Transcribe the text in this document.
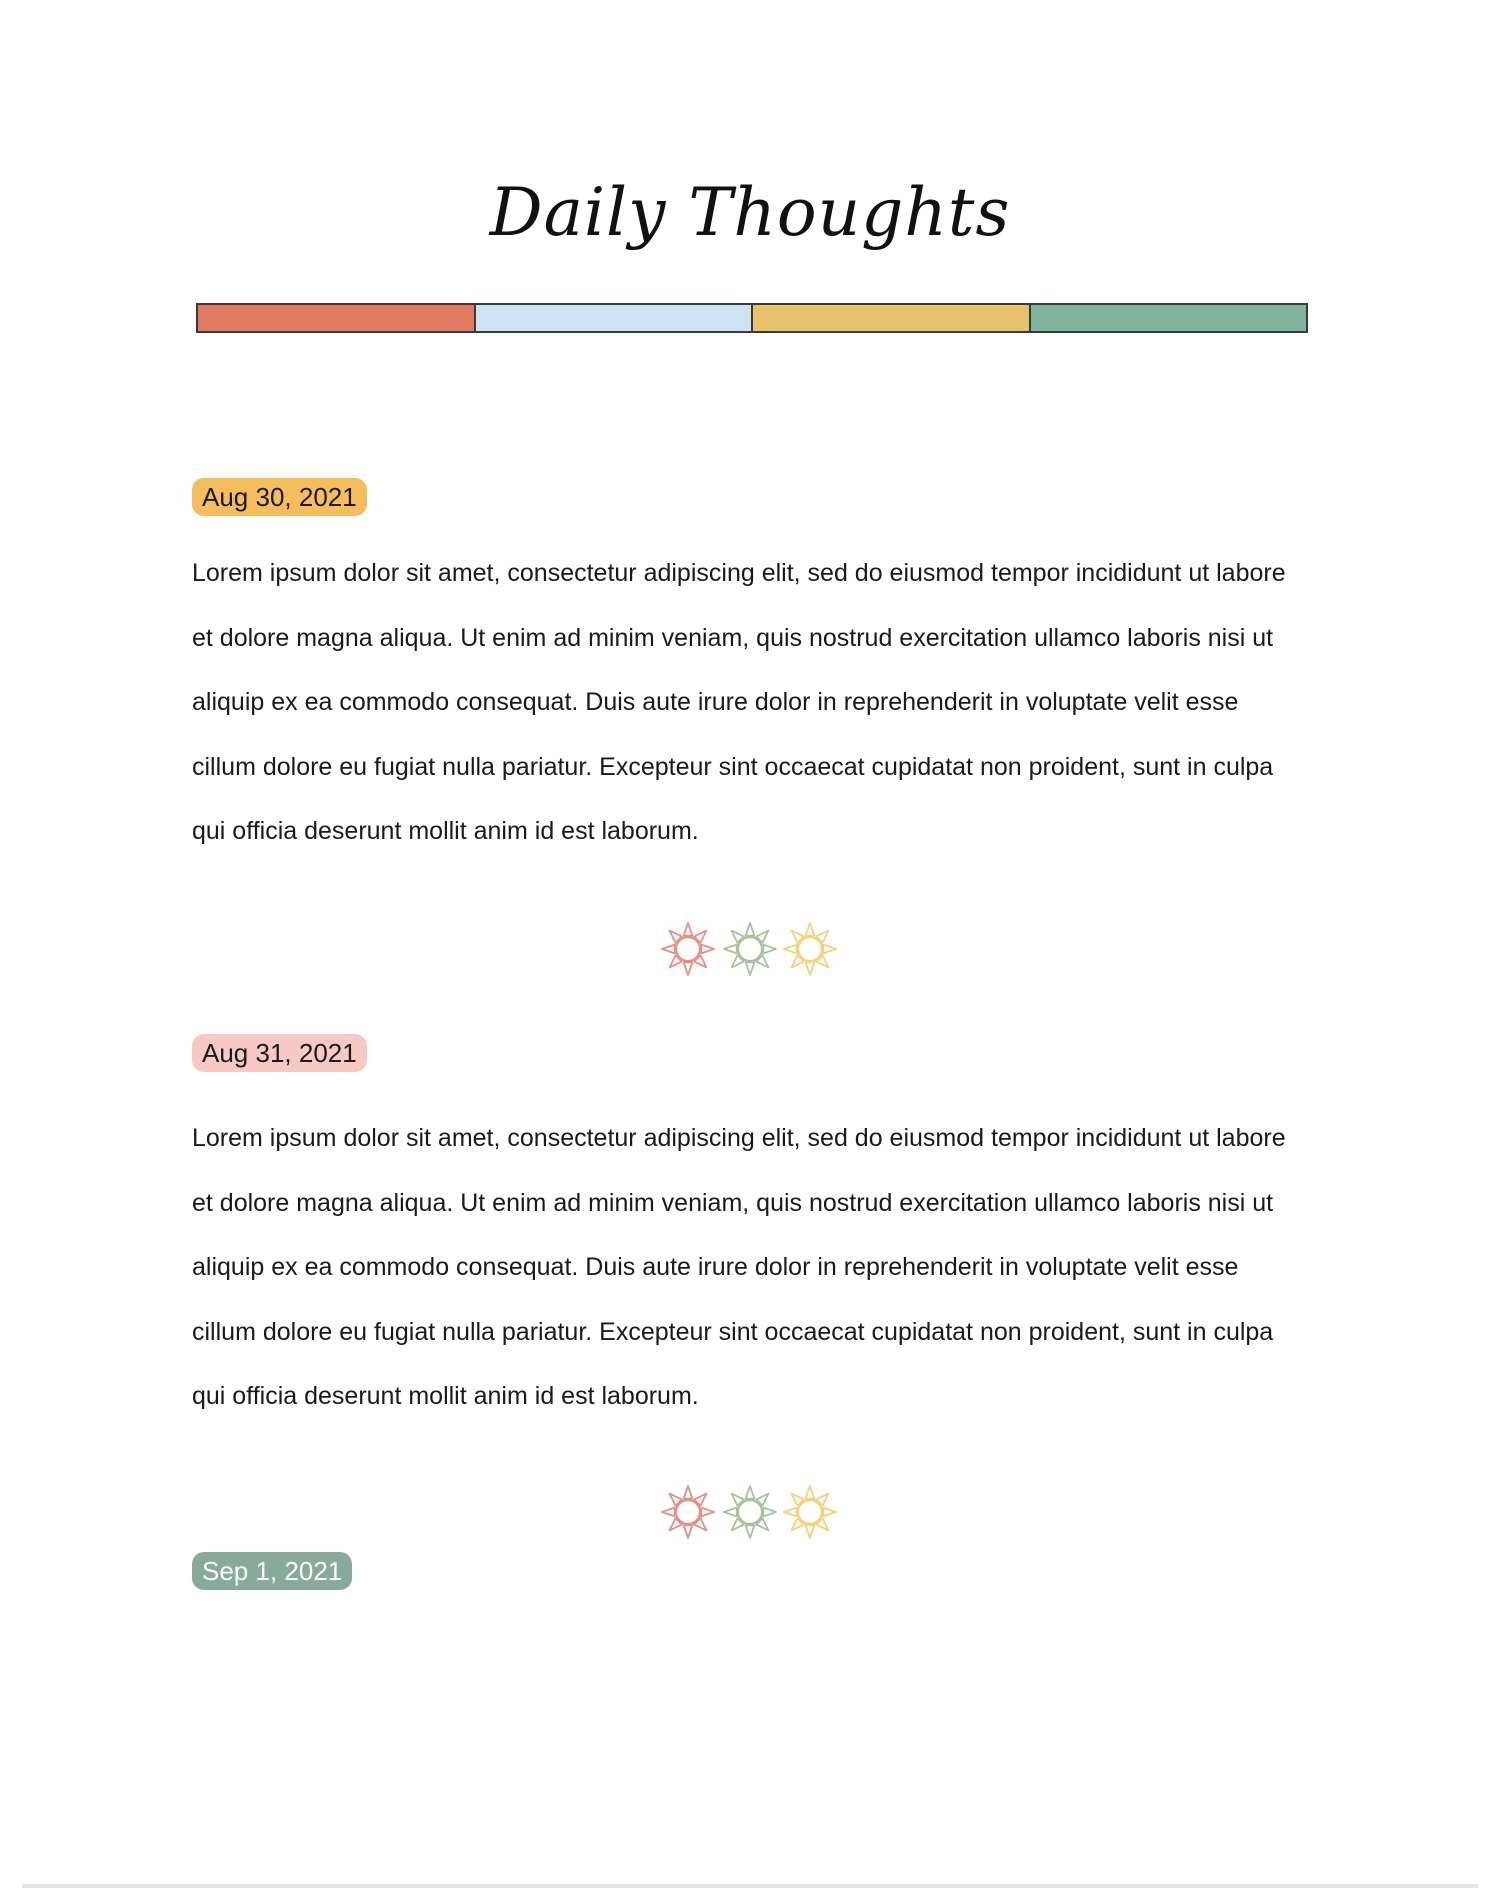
Daily Thoughts
Aug 30, 2021
Lorem ipsum dolor sit amet, consectetur adipiscing elit, sed do eiusmod tempor incididunt ut labore
et dolore magna aliqua. Ut enim ad minim veniam, quis nostrud exercitation ullamco laboris nisi ut
aliquip ex ea commodo consequat. Duis aute irure dolor in reprehenderit in voluptate velit esse
cillum dolore eu fugiat nulla pariatur. Excepteur sint occaecat cupidatat non proident, sunt in culpa
qui officia deserunt mollit anim id est laborum.
Aug 31, 2021
Lorem ipsum dolor sit amet, consectetur adipiscing elit, sed do eiusmod tempor incididunt ut labore
et dolore magna aliqua. Ut enim ad minim veniam, quis nostrud exercitation ullamco laboris nisi ut
aliquip ex ea commodo consequat. Duis aute irure dolor in reprehenderit in voluptate velit esse
cillum dolore eu fugiat nulla pariatur. Excepteur sint occaecat cupidatat non proident, sunt in culpa
qui officia deserunt mollit anim id est laborum.
Sep 1, 2021
